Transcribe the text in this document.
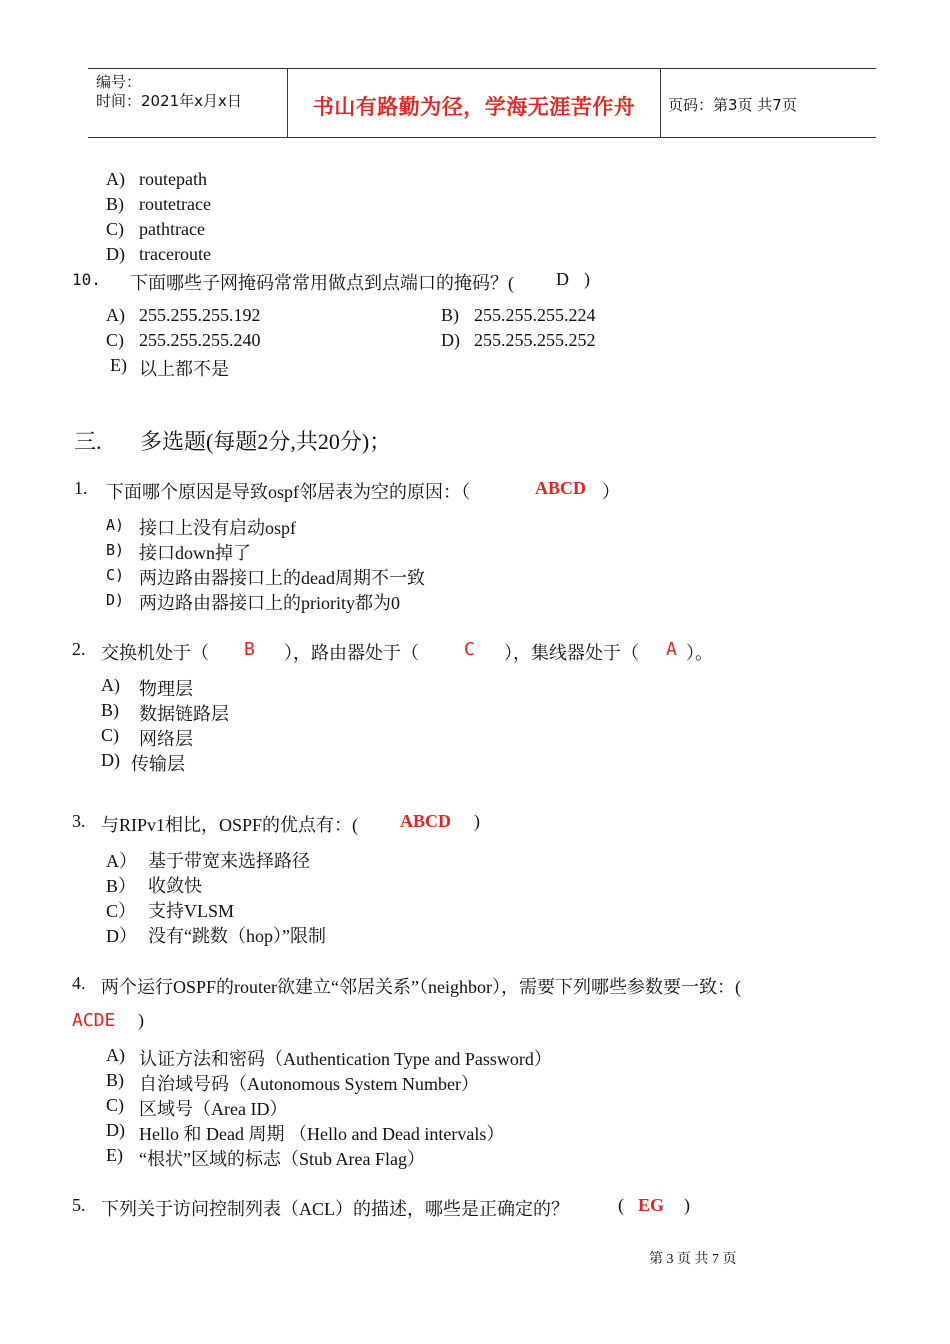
编号：
时间：2021年x月x日	书山有路勤为径，学海无涯苦作舟	页码：第3页 共7页
A) routepath
B) routetrace
C) pathtrace
D) traceroute
10. 下面哪些子网掩码常常用做点到点端口的掩码？( D )
A) 255.255.255.192	B) 255.255.255.224
C) 255.255.255.240	D) 255.255.255.252
E) 以上都不是
三. 多选题(每题2分,共20分)；
1. 下面哪个原因是导致ospf邻居表为空的原因：（	ABCD ）
A) 接口上没有启动ospf
B) 接口down掉了
C) 两边路由器接口上的dead周期不一致
D) 两边路由器接口上的priority都为0
2. 交换机处于（ B ），路由器处于（	C ），集线器处于（ A ）。
A) 物理层
B) 数据链路层
C) 网络层
D) 传输层
3. 与RIPv1相比，OSPF的优点有：( ABCD )
A） 基于带宽来选择路径
B） 收敛快
C） 支持VLSM
D） 没有“跳数（hop）”限制
4. 两个运行OSPF的router欲建立“邻居关系”（neighbor），需要下列哪些参数要一致：(
ACDE )
A) 认证方法和密码（Authentication Type and Password）
B) 自治域号码（Autonomous System Number）
C) 区域号（Area ID）
D) Hello 和 Dead 周期 （Hello and Dead intervals）
E) “根状”区域的标志（Stub Area Flag）
5. 下列关于访问控制列表（ACL）的描述，哪些是正确定的？	( EG )
第 3 页 共 7 页
